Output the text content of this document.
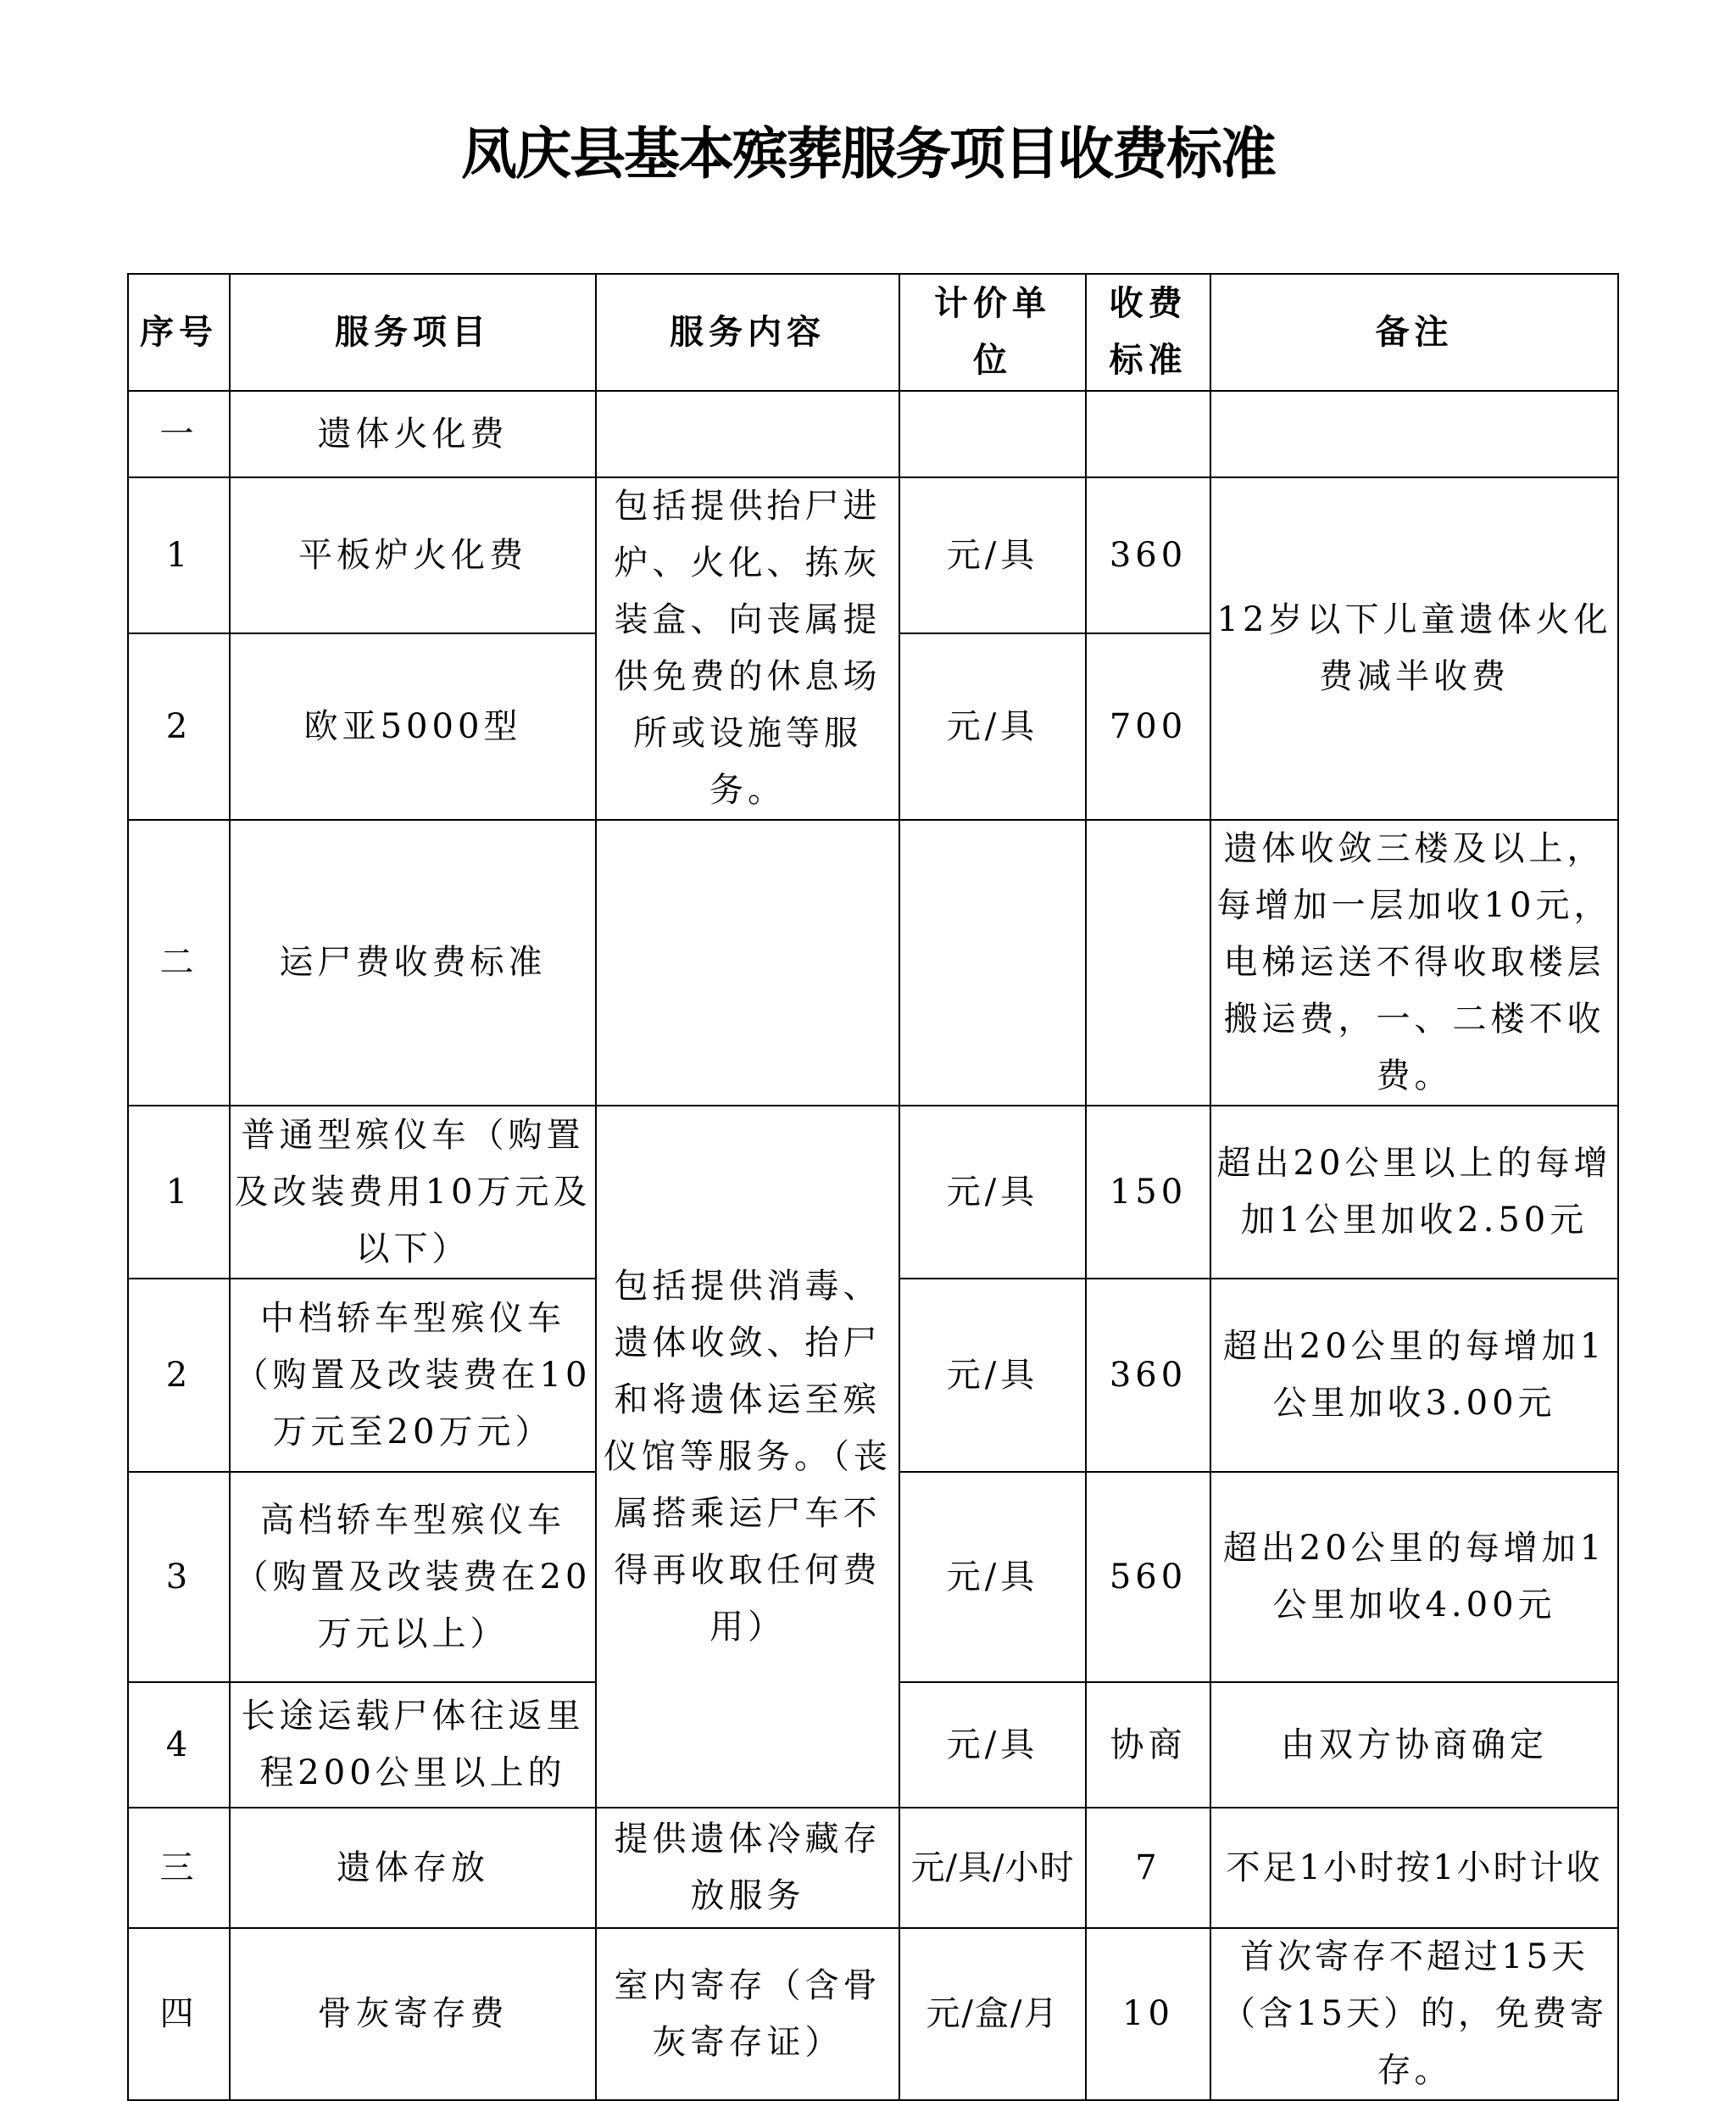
凤庆县基本殡葬服务项目收费标准
序号	服务项目	服务内容	计价单位	收费标准	备注
一	遗体火化费				
1	平板炉火化费	包括提供抬尸进炉、火化、拣灰装盒、向丧属提供免费的休息场所或设施等服务。	元/具	360	12岁以下儿童遗体火化费减半收费
2	欧亚5000型		元/具	700	
二	运尸费收费标准				遗体收敛三楼及以上，每增加一层加收10元，电梯运送不得收取楼层搬运费，一、二楼不收费。
1	普通型殡仪车（购置及改装费用10万元及以下）	包括提供消毒、遗体收敛、抬尸和将遗体运至殡仪馆等服务。（丧属搭乘运尸车不得再收取任何费用）	元/具	150	超出20公里以上的每增加1公里加收2.50元
2	中档轿车型殡仪车（购置及改装费在10万元至20万元）		元/具	360	超出20公里的每增加1公里加收3.00元
3	高档轿车型殡仪车（购置及改装费在20万元以上）		元/具	560	超出20公里的每增加1公里加收4.00元
4	长途运载尸体往返里程200公里以上的		元/具	协商	由双方协商确定
三	遗体存放	提供遗体冷藏存放服务	元/具/小时	7	不足1小时按1小时计收
四	骨灰寄存费	室内寄存（含骨灰寄存证）	元/盒/月	10	首次寄存不超过15天（含15天）的，免费寄存。
